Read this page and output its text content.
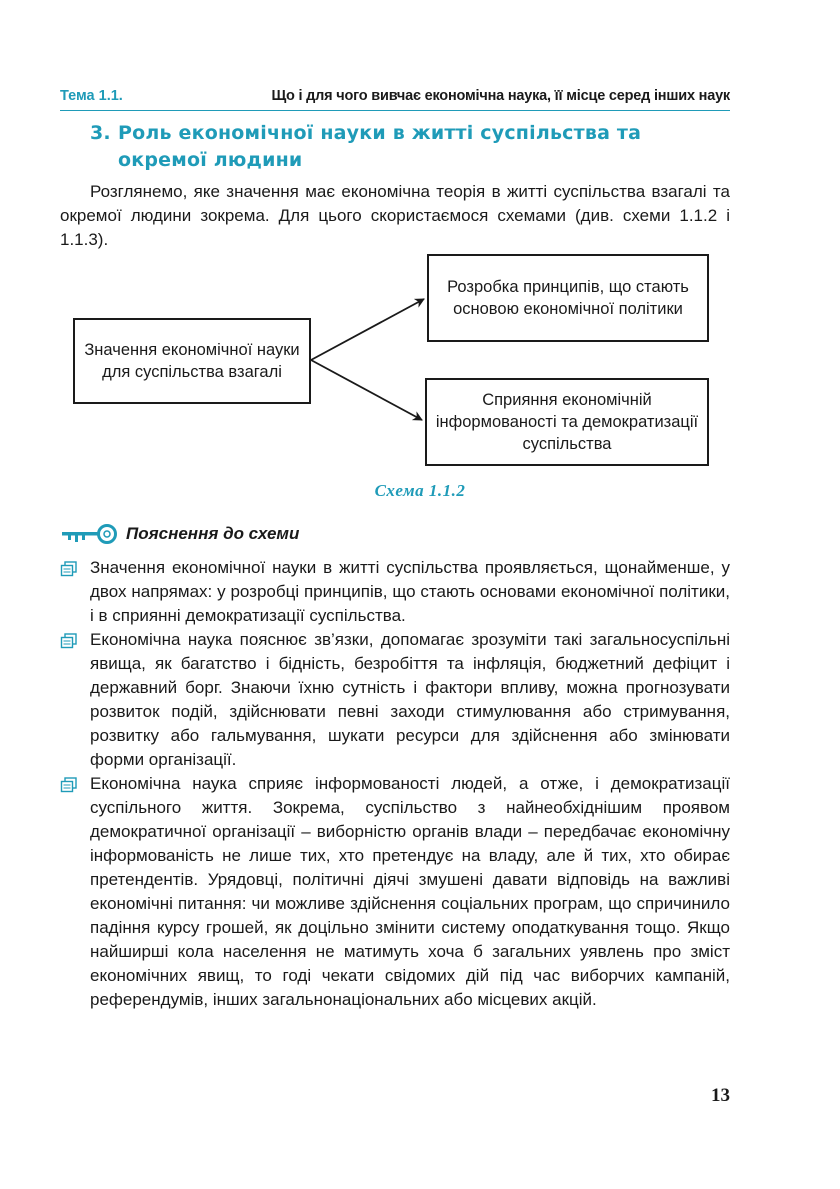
Тема 1.1.	Що і для чого вивчає економічна наука, її місце серед інших наук
3. Роль економічної науки в житті суспільства та
окремої людини

Розглянемо, яке значення має економічна теорія в житті суспільства взагалі та окремої людини зокрема. Для цього скористаємося схемами (див. схеми 1.1.2 і 1.1.3).

Значення економічної науки для суспільства взагалі
Розробка принципів, що стають основою економічної політики
Сприяння економічній інформованості та демократизації суспільства
Схема 1.1.2
Пояснення до схеми
Значення економічної науки в житті суспільства проявляється, щонайменше, у двох напрямах: у розробці принципів, що стають основами економічної політики, і в сприянні демократизації суспільства.
Економічна наука пояснює зв’язки, допомагає зрозуміти такі загальносуспільні явища, як багатство і бідність, безробіття та інфляція, бюджетний дефіцит і державний борг. Знаючи їхню сутність і фактори впливу, можна прогнозувати розвиток подій, здійснювати певні заходи стимулювання або стримування, розвитку або гальмування, шукати ресурси для здійснення або змінювати форми організації.
Економічна наука сприяє інформованості людей, а отже, і демократизації суспільного життя. Зокрема, суспільство з найнеобхіднішим проявом демократичної організації – виборністю органів влади – передбачає економічну інформованість не лише тих, хто претендує на владу, але й тих, хто обирає претендентів. Урядовці, політичні діячі змушені давати відповідь на важливі економічні питання: чи можливе здійснення соціальних програм, що спричинило падіння курсу грошей, як доцільно змінити систему оподаткування тощо. Якщо найширші кола населення не матимуть хоча б загальних уявлень про зміст економічних явищ, то годі чекати свідомих дій під час виборчих кампаній, референдумів, інших загальнонаціональних або місцевих акцій.
13
